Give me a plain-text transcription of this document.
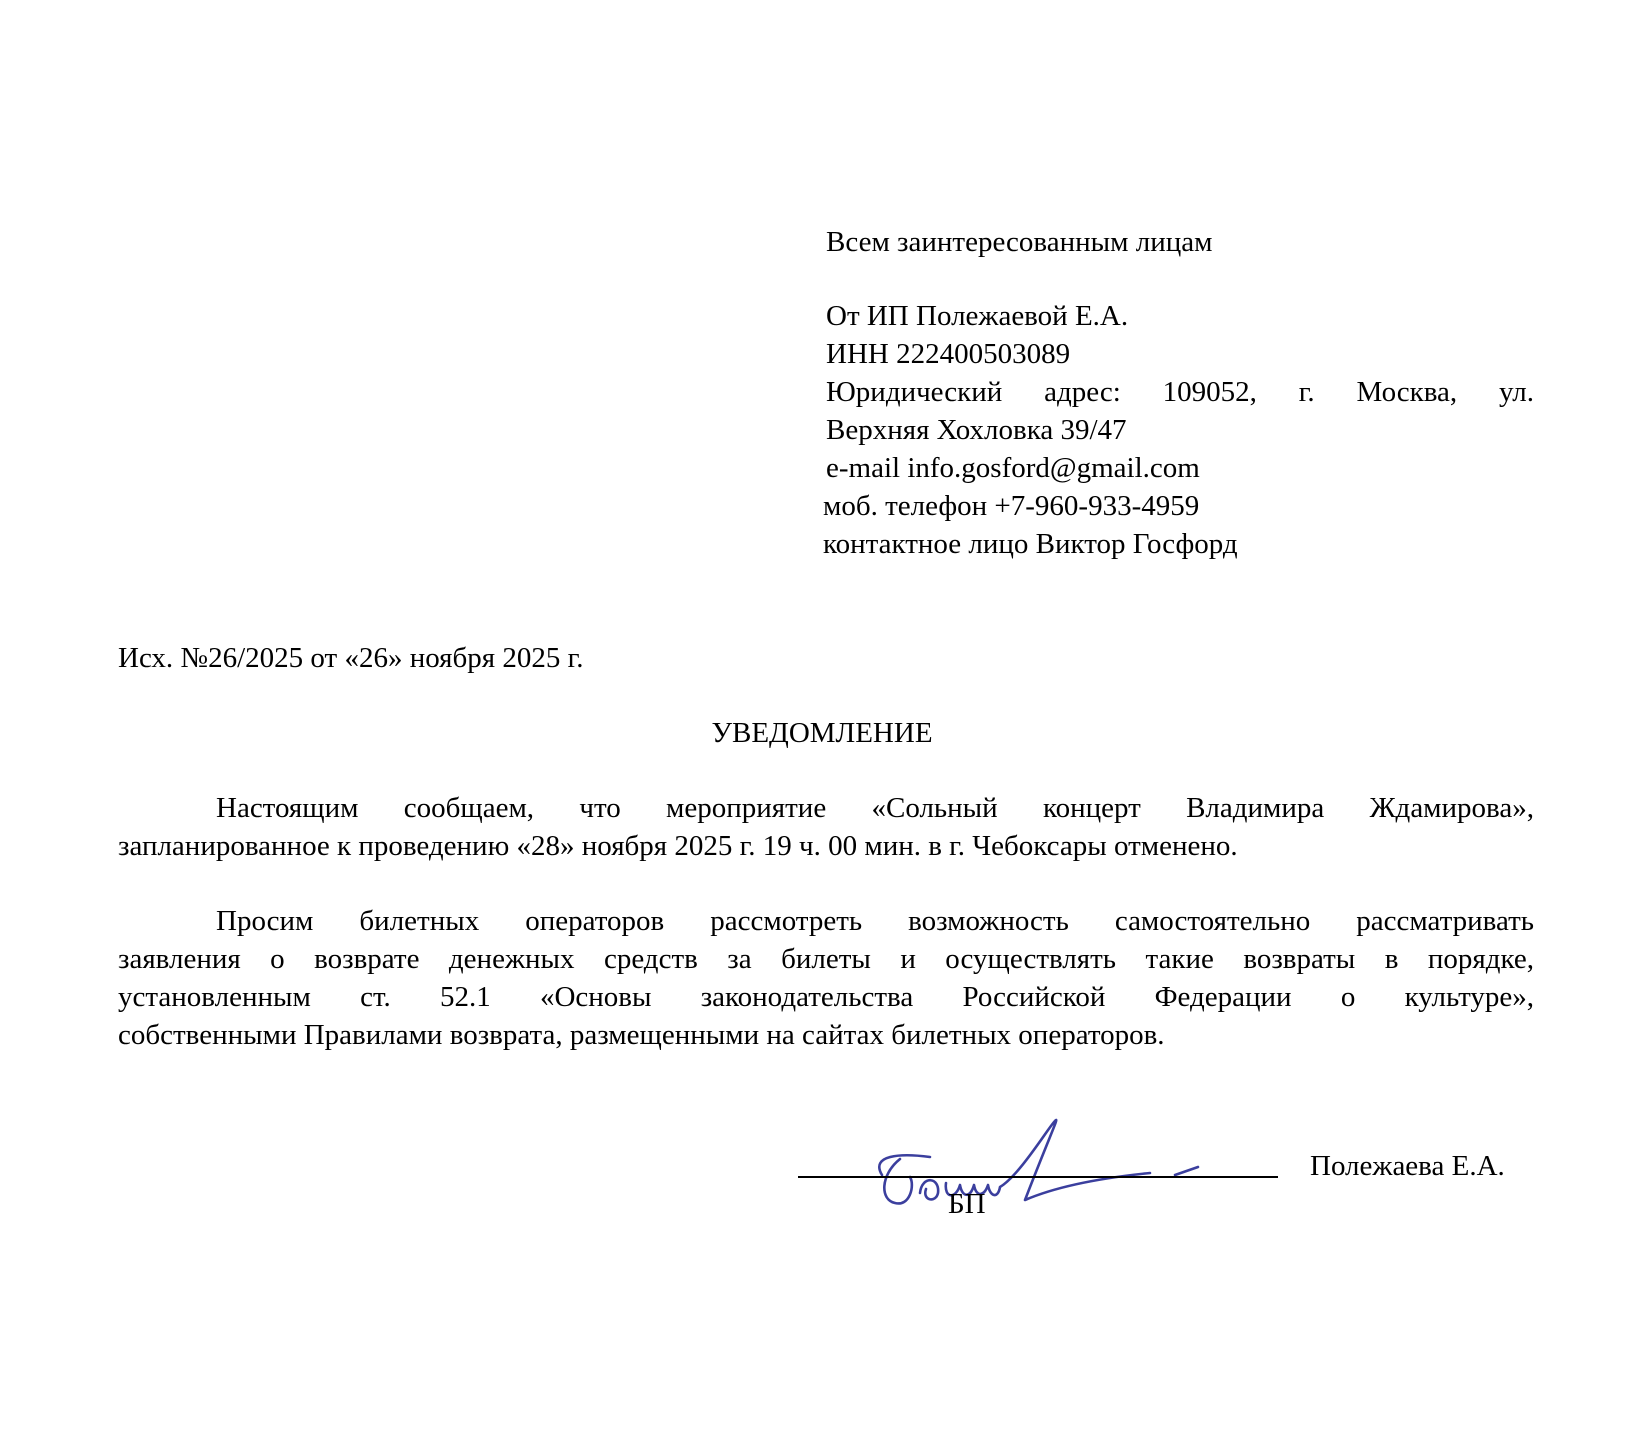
Всем заинтересованным лицам
От ИП Полежаевой Е.А.
ИНН 222400503089
Юридический адрес: 109052, г. Москва, ул.
Верхняя Хохловка 39/47
e-mail info.gosford@gmail.com
моб. телефон +7-960-933-4959
контактное лицо Виктор Госфорд
Исх. №26/2025 от «26» ноября 2025 г.
УВЕДОМЛЕНИЕ
Настоящим сообщаем, что мероприятие «Сольный концерт Владимира Ждамирова»,
запланированное к проведению «28» ноября 2025 г. 19 ч. 00 мин. в г. Чебоксары отменено.
Просим билетных операторов рассмотреть возможность самостоятельно рассматривать
заявления о возврате денежных средств за билеты и осуществлять такие возвраты в порядке,
установленным ст. 52.1 «Основы законодательства Российской Федерации о культуре»,
собственными Правилами возврата, размещенными на сайтах билетных операторов.
Полежаева Е.А.
БП
